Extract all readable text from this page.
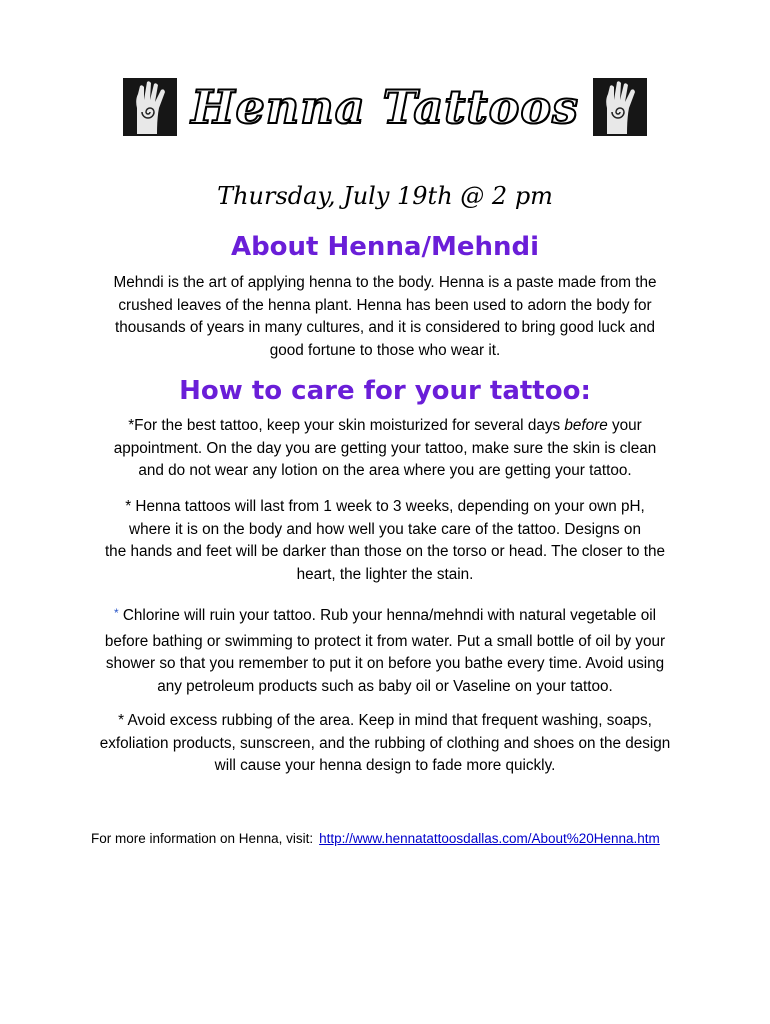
Henna Tattoos
Thursday, July 19th @ 2 pm
About Henna/Mehndi
Mehndi is the art of applying henna to the body. Henna is a paste made from the
crushed leaves of the henna plant. Henna has been used to adorn the body for
thousands of years in many cultures, and it is considered to bring good luck and
good fortune to those who wear it.
How to care for your tattoo:
*For the best tattoo, keep your skin moisturized for several days before your
appointment. On the day you are getting your tattoo, make sure the skin is clean
and do not wear any lotion on the area where you are getting your tattoo.
* Henna tattoos will last from 1 week to 3 weeks, depending on your own pH,
where it is on the body and how well you take care of the tattoo. Designs on
the hands and feet will be darker than those on the torso or head. The closer to the
heart, the lighter the stain.
* Chlorine will ruin your tattoo. Rub your henna/mehndi with natural vegetable oil
before bathing or swimming to protect it from water. Put a small bottle of oil by your
shower so that you remember to put it on before you bathe every time. Avoid using
any petroleum products such as baby oil or Vaseline on your tattoo.
* Avoid excess rubbing of the area. Keep in mind that frequent washing, soaps,
exfoliation products, sunscreen, and the rubbing of clothing and shoes on the design
will cause your henna design to fade more quickly.
For more information on Henna, visit: http://www.hennatattoosdallas.com/About%20Henna.htm
